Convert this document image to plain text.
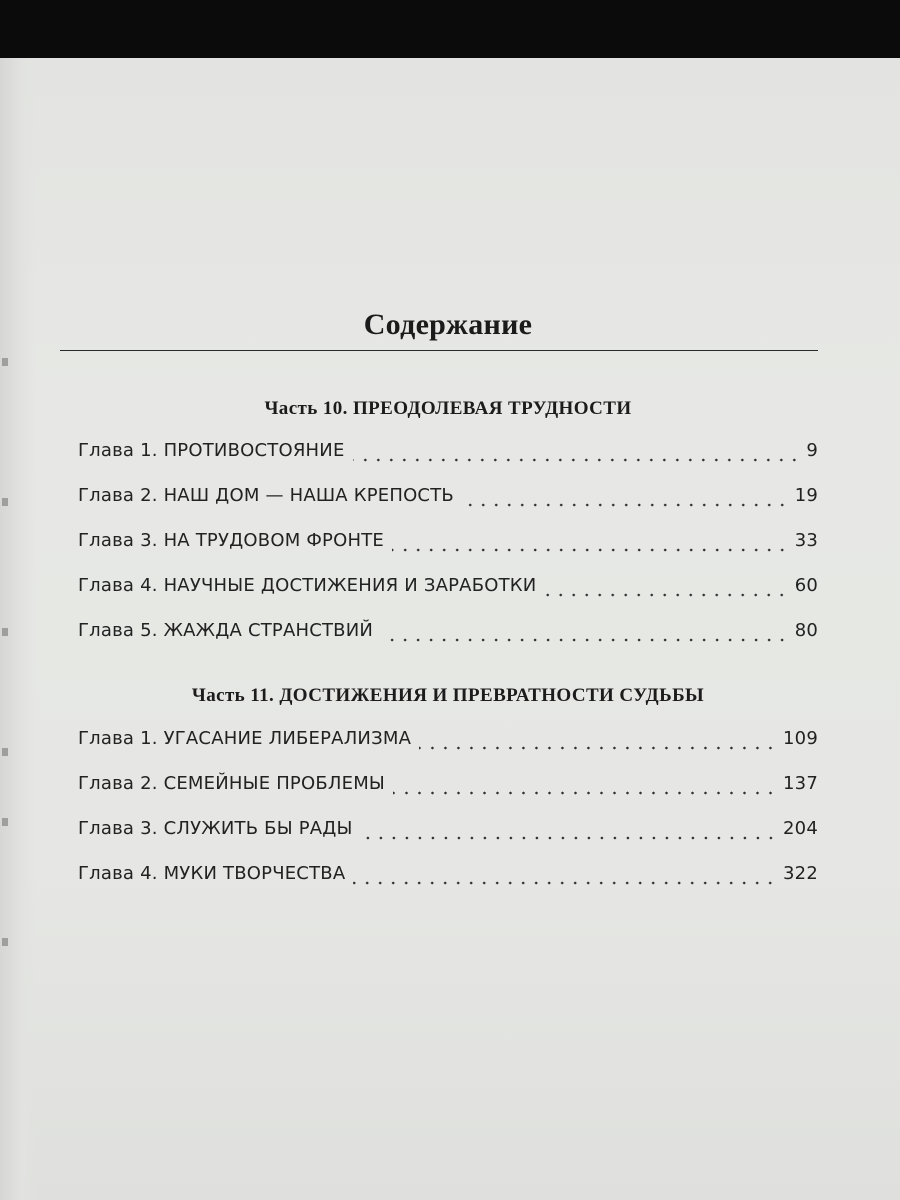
Содержание
Часть 10. ПРЕОДОЛЕВАЯ ТРУДНОСТИ
Глава 1. ПРОТИВОСТОЯНИЕ	9
Глава 2. НАШ ДОМ — НАША КРЕПОСТЬ	19
Глава 3. НА ТРУДОВОМ ФРОНТЕ	33
Глава 4. НАУЧНЫЕ ДОСТИЖЕНИЯ И ЗАРАБОТКИ	60
Глава 5. ЖАЖДА СТРАНСТВИЙ	80
Часть 11. ДОСТИЖЕНИЯ И ПРЕВРАТНОСТИ СУДЬБЫ
Глава 1. УГАСАНИЕ ЛИБЕРАЛИЗМА	109
Глава 2. СЕМЕЙНЫЕ ПРОБЛЕМЫ	137
Глава 3. СЛУЖИТЬ БЫ РАДЫ	204
Глава 4. МУКИ ТВОРЧЕСТВА	322
